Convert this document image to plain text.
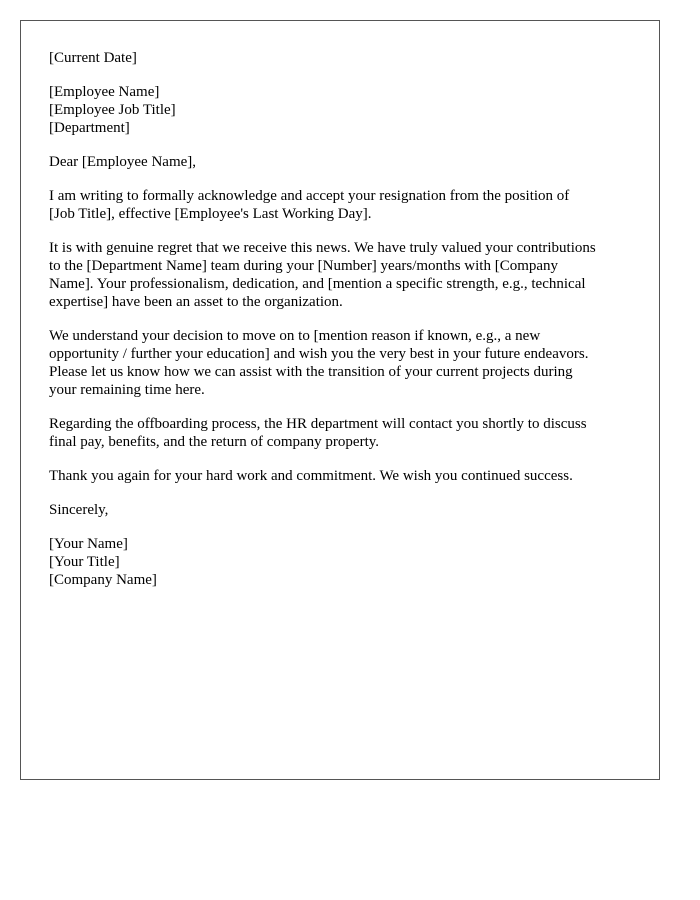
[Current Date]
[Employee Name]
[Employee Job Title]
[Department]
Dear [Employee Name],
I am writing to formally acknowledge and accept your resignation from the position of
[Job Title], effective [Employee's Last Working Day].
It is with genuine regret that we receive this news. We have truly valued your contributions
to the [Department Name] team during your [Number] years/months with [Company
Name]. Your professionalism, dedication, and [mention a specific strength, e.g., technical
expertise] have been an asset to the organization.
We understand your decision to move on to [mention reason if known, e.g., a new
opportunity / further your education] and wish you the very best in your future endeavors.
Please let us know how we can assist with the transition of your current projects during
your remaining time here.
Regarding the offboarding process, the HR department will contact you shortly to discuss
final pay, benefits, and the return of company property.
Thank you again for your hard work and commitment. We wish you continued success.
Sincerely,
[Your Name]
[Your Title]
[Company Name]
